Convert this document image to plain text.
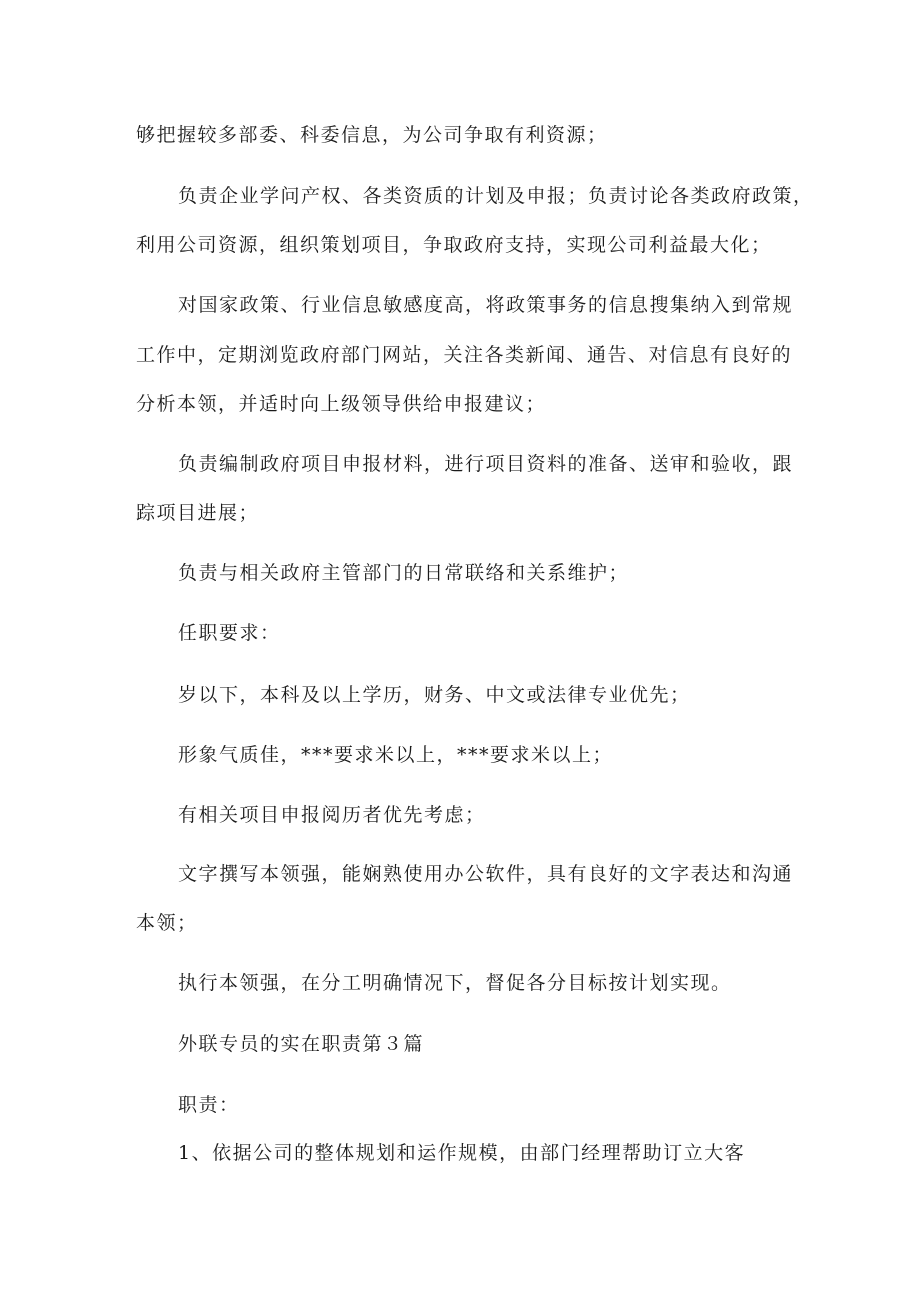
够把握较多部委、科委信息，为公司争取有利资源；
负责企业学问产权、各类资质的计划及申报；负责讨论各类政府政策，
利用公司资源，组织策划项目，争取政府支持，实现公司利益最大化；
对国家政策、行业信息敏感度高，将政策事务的信息搜集纳入到常规
工作中，定期浏览政府部门网站，关注各类新闻、通告、对信息有良好的
分析本领，并适时向上级领导供给申报建议；
负责编制政府项目申报材料，进行项目资料的准备、送审和验收，跟
踪项目进展；
负责与相关政府主管部门的日常联络和关系维护；
任职要求：
岁以下，本科及以上学历，财务、中文或法律专业优先；
形象气质佳，***要求米以上，***要求米以上；
有相关项目申报阅历者优先考虑；
文字撰写本领强，能娴熟使用办公软件，具有良好的文字表达和沟通
本领；
执行本领强，在分工明确情况下，督促各分目标按计划实现。
外联专员的实在职责第３篇
职责：
1、依据公司的整体规划和运作规模，由部门经理帮助订立大客
